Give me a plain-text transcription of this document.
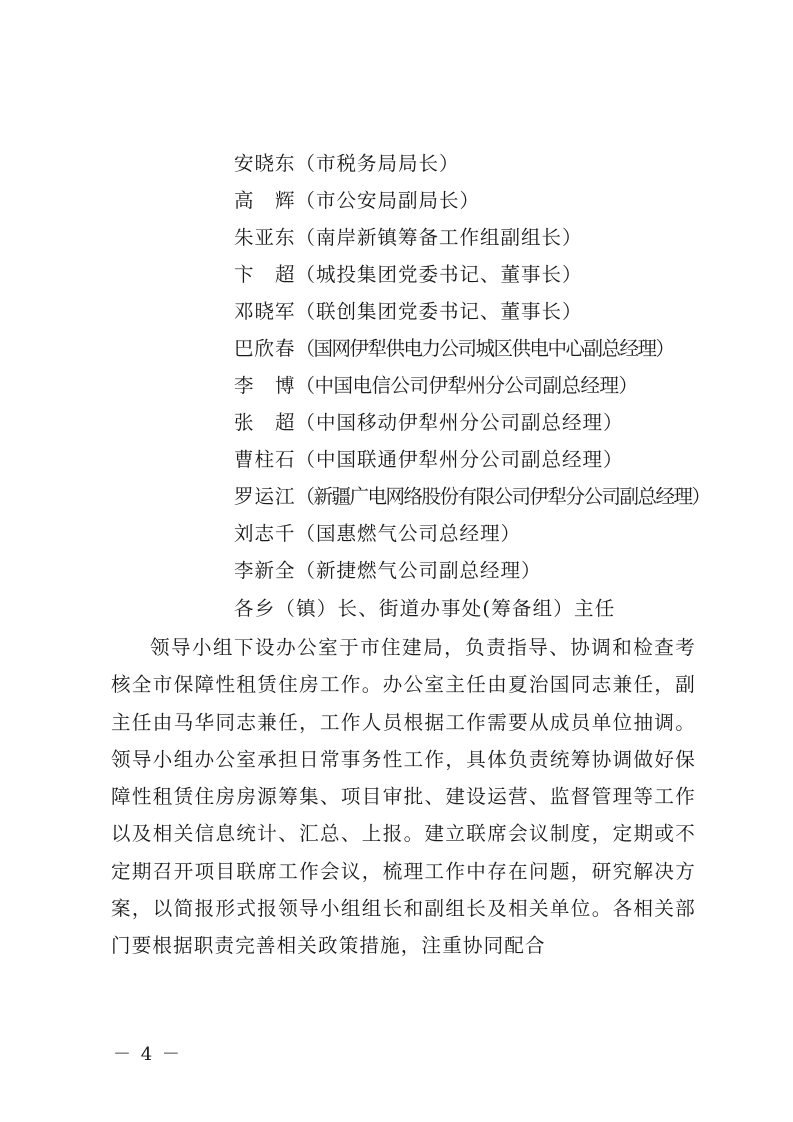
安晓东（市税务局局长）
高　辉（市公安局副局长）
朱亚东（南岸新镇筹备工作组副组长）
卞　超（城投集团党委书记、董事长）
邓晓军（联创集团党委书记、董事长）
巴欣春（国网伊犁供电力公司城区供电中心副总经理）
李　博（中国电信公司伊犁州分公司副总经理）
张　超（中国移动伊犁州分公司副总经理）
曹柱石（中国联通伊犁州分公司副总经理）
罗运江（新疆广电网络股份有限公司伊犁分公司副总经理）
刘志千（国惠燃气公司总经理）
李新全（新捷燃气公司副总经理）
各乡（镇）长、街道办事处(筹备组）主任

领导小组下设办公室于市住建局，负责指导、协调和检查考核全市保障性租赁住房工作。办公室主任由夏治国同志兼任，副主任由马华同志兼任，工作人员根据工作需要从成员单位抽调。领导小组办公室承担日常事务性工作，具体负责统筹协调做好保障性租赁住房房源筹集、项目审批、建设运营、监督管理等工作以及相关信息统计、汇总、上报。建立联席会议制度，定期或不定期召开项目联席工作会议，梳理工作中存在问题，研究解决方案，以简报形式报领导小组组长和副组长及相关单位。各相关部门要根据职责完善相关政策措施，注重协同配合

－ 4 －
